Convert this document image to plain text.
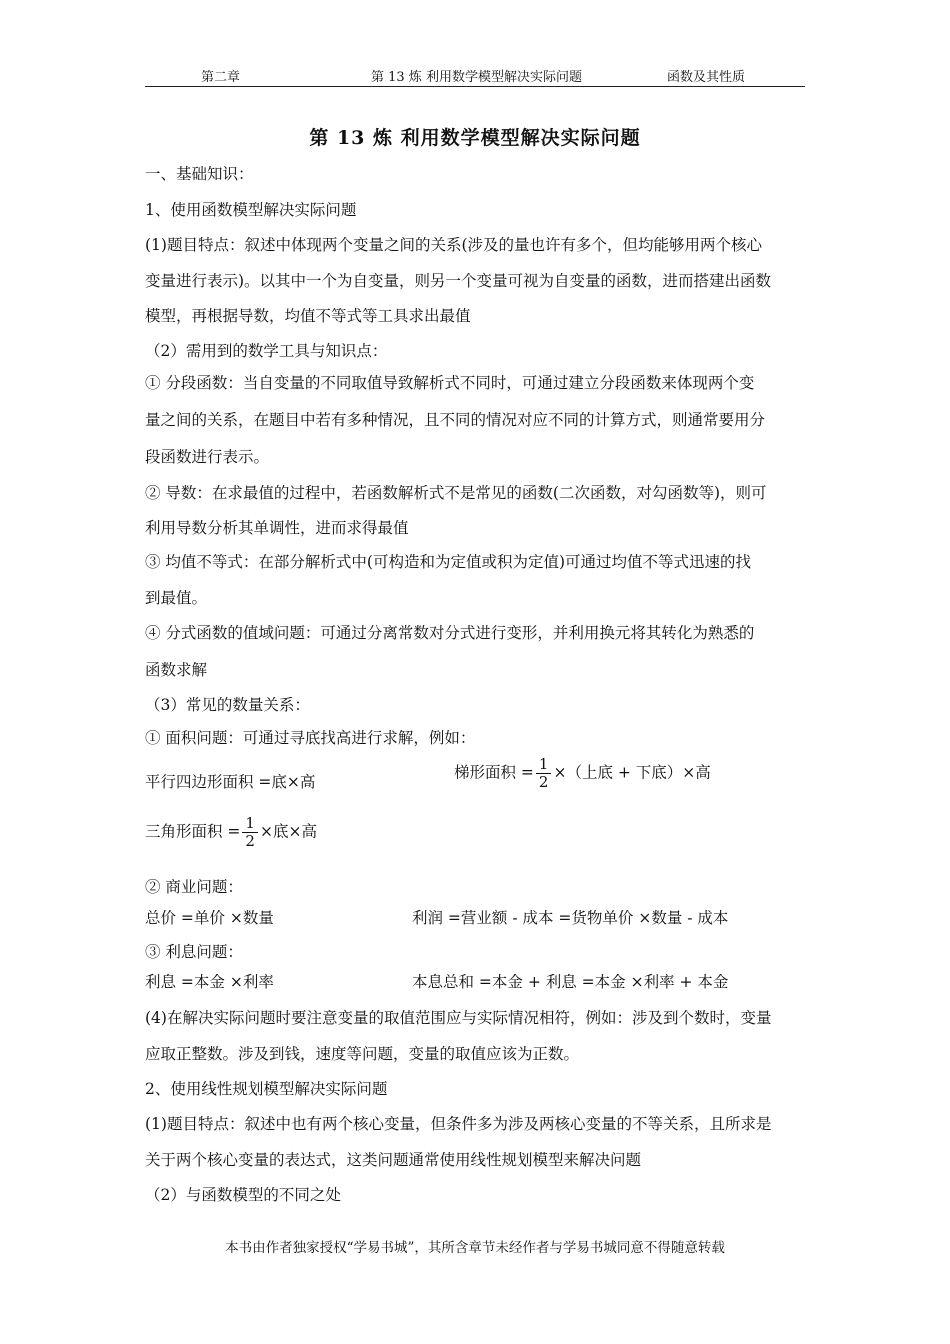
第二章	第 13 炼 利用数学模型解决实际问题	函数及其性质
第 13 炼 利用数学模型解决实际问题
一、基础知识：
1、使用函数模型解决实际问题
(1)题目特点：叙述中体现两个变量之间的关系(涉及的量也许有多个，但均能够用两个核心
变量进行表示)。以其中一个为自变量，则另一个变量可视为自变量的函数，进而搭建出函数
模型，再根据导数，均值不等式等工具求出最值
（2）需用到的数学工具与知识点：
① 分段函数：当自变量的不同取值导致解析式不同时，可通过建立分段函数来体现两个变
量之间的关系，在题目中若有多种情况，且不同的情况对应不同的计算方式，则通常要用分
段函数进行表示。
② 导数：在求最值的过程中，若函数解析式不是常见的函数(二次函数，对勾函数等)，则可
利用导数分析其单调性，进而求得最值
③ 均值不等式：在部分解析式中(可构造和为定值或积为定值)可通过均值不等式迅速的找
到最值。
④ 分式函数的值域问题：可通过分离常数对分式进行变形，并利用换元将其转化为熟悉的
函数求解
（3）常见的数量关系：
① 面积问题：可通过寻底找高进行求解，例如：
平行四边形面积 =底×高
梯形面积 = $\frac{1}{2}$ ×（上底 + 下底）×高
三角形面积 = $\frac{1}{2}$ ×底×高
② 商业问题：
总价 =单价 ×数量	利润 =营业额 - 成本 =货物单价 ×数量 - 成本
③ 利息问题：
利息 =本金 ×利率	本息总和 =本金 + 利息 =本金 ×利率 + 本金
(4)在解决实际问题时要注意变量的取值范围应与实际情况相符，例如：涉及到个数时，变量
应取正整数。涉及到钱，速度等问题，变量的取值应该为正数。
2、使用线性规划模型解决实际问题
(1)题目特点：叙述中也有两个核心变量，但条件多为涉及两核心变量的不等关系，且所求是
关于两个核心变量的表达式，这类问题通常使用线性规划模型来解决问题
（2）与函数模型的不同之处
本书由作者独家授权“学易书城”，其所含章节未经作者与学易书城同意不得随意转载
